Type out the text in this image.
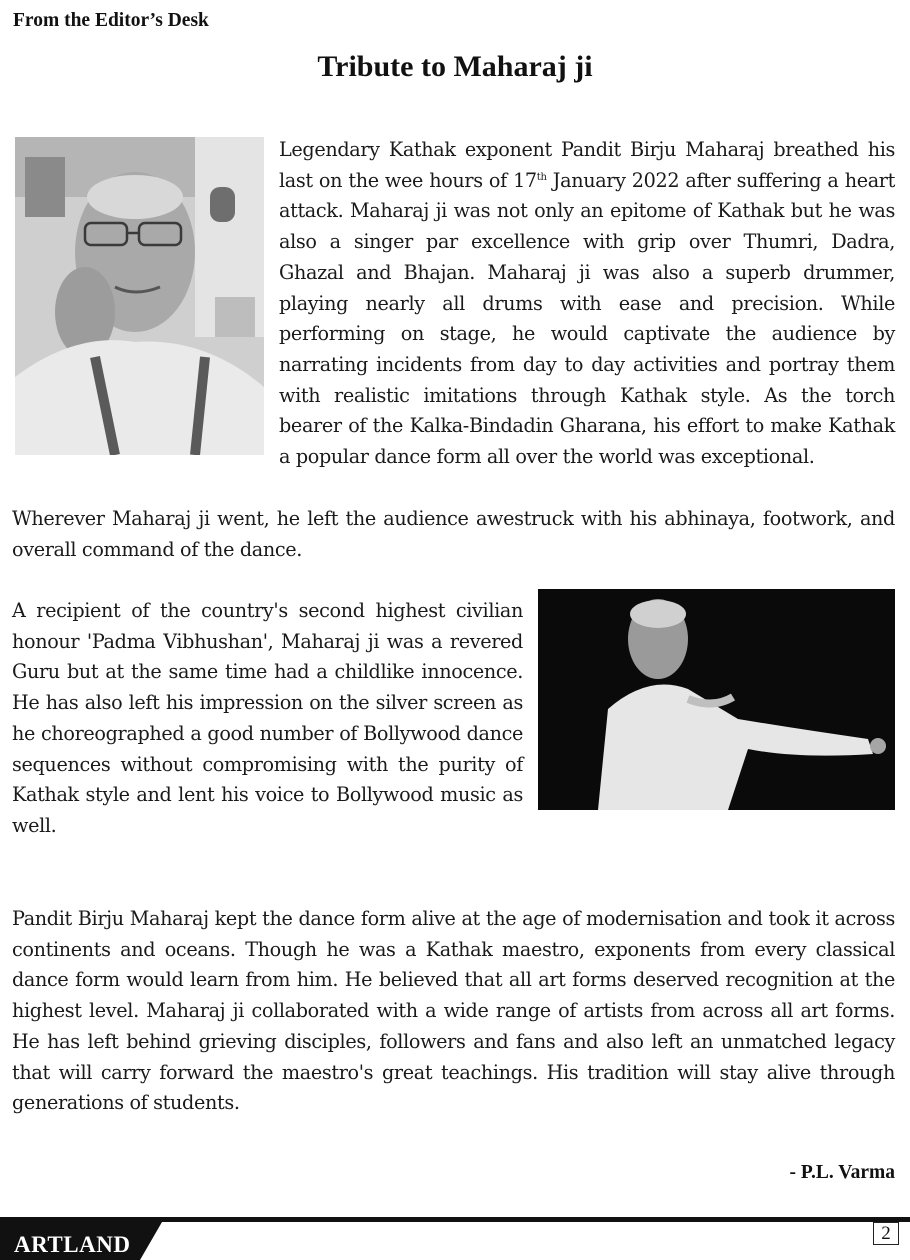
From the Editor’s Desk
Tribute to Maharaj ji

Legendary Kathak exponent Pandit Birju Maharaj breathed his last on the wee hours of 17th January 2022 after suffering a heart attack. Maharaj ji was not only an epitome of Kathak but he was also a singer par excellence with grip over Thumri, Dadra, Ghazal and Bhajan. Maharaj ji was also a superb drummer, playing nearly all drums with ease and precision. While performing on stage, he would captivate the audience by narrating incidents from day to day activities and portray them with realistic imitations through Kathak style. As the torch bearer of the Kalka-Bindadin Gharana, his effort to make Kathak a popular dance form all over the world was exceptional.

Wherever Maharaj ji went, he left the audience awestruck with his abhinaya, footwork, and overall command of the dance.

A recipient of the country's second highest civilian honour 'Padma Vibhushan', Maharaj ji was a revered Guru but at the same time had a childlike innocence. He has also left his impression on the silver screen as he choreographed a good number of Bollywood dance sequences without compromising with the purity of Kathak style and lent his voice to Bollywood music as well.

Pandit Birju Maharaj kept the dance form alive at the age of modernisation and took it across continents and oceans. Though he was a Kathak maestro, exponents from every classical dance form would learn from him. He believed that all art forms deserved recognition at the highest level. Maharaj ji collaborated with a wide range of artists from across all art forms. He has left behind grieving disciples, followers and fans and also left an unmatched legacy that will carry forward the maestro's great teachings. His tradition will stay alive through generations of students.

- P.L. Varma
ARTLAND	2
